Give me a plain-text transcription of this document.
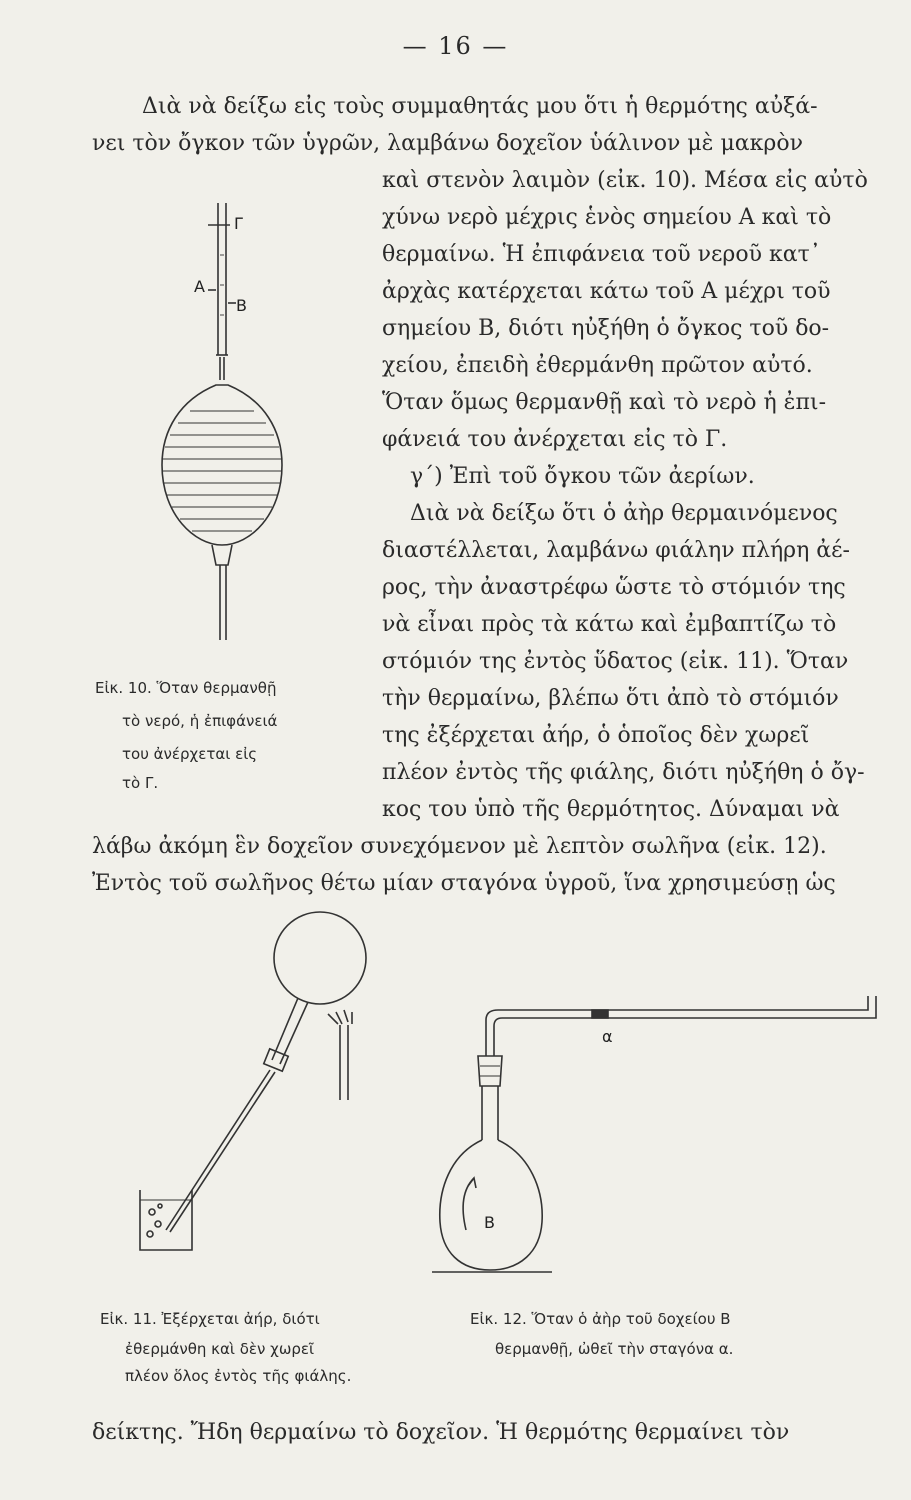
— 16 —
Διὰ νὰ δείξω εἰς τοὺς συμμαθητάς μου ὅτι ἡ θερμότης αὐξά-
νει τὸν ὄγκον τῶν ὑγρῶν, λαμβάνω δοχεῖον ὑάλινον μὲ μακρὸν
καὶ στενὸν λαιμὸν (εἰκ. 10). Μέσα εἰς αὐτὸ
χύνω νερὸ μέχρις ἑνὸς σημείου Α καὶ τὸ
θερμαίνω. Ἡ ἐπιφάνεια τοῦ νεροῦ κατ᾽
ἀρχὰς κατέρχεται κάτω τοῦ Α μέχρι τοῦ
σημείου Β, διότι ηὐξήθη ὁ ὄγκος τοῦ δο-
χείου, ἐπειδὴ ἐθερμάνθη πρῶτον αὐτό.
Ὅταν ὅμως θερμανθῇ καὶ τὸ νερὸ ἡ ἐπι-
φάνειά του ἀνέρχεται εἰς τὸ Γ.
γ΄) Ἐπὶ τοῦ ὄγκου τῶν ἀερίων.
Διὰ νὰ δείξω ὅτι ὁ ἀὴρ θερμαινόμενος
διαστέλλεται, λαμβάνω φιάλην πλήρη ἀέ-
ρος, τὴν ἀναστρέφω ὥστε τὸ στόμιόν της
νὰ εἶναι πρὸς τὰ κάτω καὶ ἐμβαπτίζω τὸ
στόμιόν της ἐντὸς ὕδατος (εἰκ. 11). Ὅταν
τὴν θερμαίνω, βλέπω ὅτι ἀπὸ τὸ στόμιόν
της ἐξέρχεται ἀήρ, ὁ ὁποῖος δὲν χωρεῖ
πλέον ἐντὸς τῆς φιάλης, διότι ηὐξήθη ὁ ὄγ-
κος του ὑπὸ τῆς θερμότητος. Δύναμαι νὰ
λάβω ἀκόμη ἓν δοχεῖον συνεχόμενον μὲ λεπτὸν σωλῆνα (εἰκ. 12).
Ἐντὸς τοῦ σωλῆνος θέτω μίαν σταγόνα ὑγροῦ, ἵνα χρησιμεύσῃ ὡς
δείκτης. Ἤδη θερμαίνω τὸ δοχεῖον. Ἡ θερμότης θερμαίνει τὸν
Γ
Α
Β
Εἰκ. 10. Ὅταν θερμανθῇ
τὸ νερό, ἡ ἐπιφάνειά
του ἀνέρχεται εἰς
τὸ Γ.
Εἰκ. 11. Ἐξέρχεται ἀήρ, διότι
ἐθερμάνθη καὶ δὲν χωρεῖ
πλέον ὅλος ἐντὸς τῆς φιάλης.
α
Β
Εἰκ. 12. Ὅταν ὁ ἀὴρ τοῦ δοχείου Β
θερμανθῇ, ὠθεῖ τὴν σταγόνα α.
